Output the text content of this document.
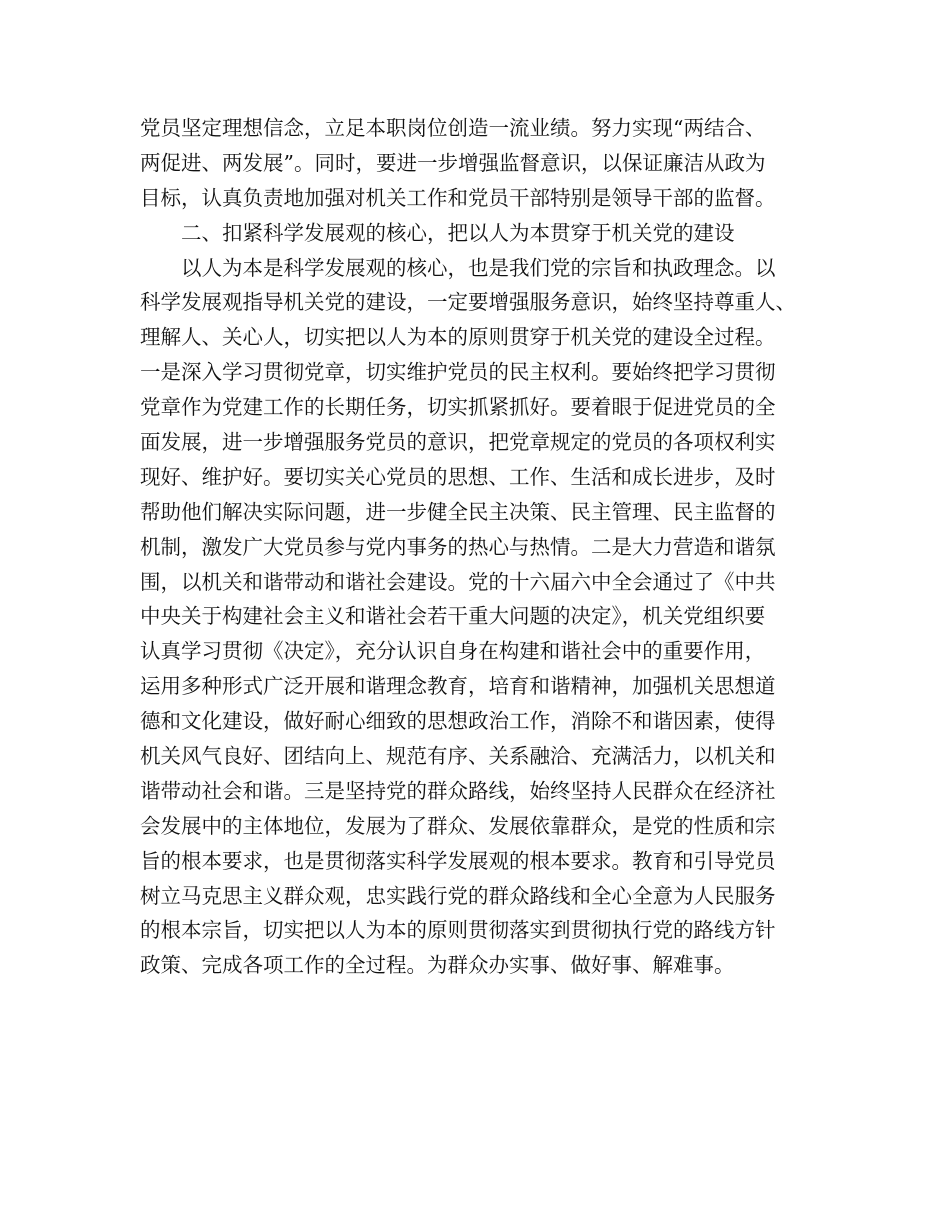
党员坚定理想信念，立足本职岗位创造一流业绩。努力实现“两结合、
两促进、两发展”。同时，要进一步增强监督意识，以保证廉洁从政为
目标，认真负责地加强对机关工作和党员干部特别是领导干部的监督。
二、扣紧科学发展观的核心，把以人为本贯穿于机关党的建设
以人为本是科学发展观的核心，也是我们党的宗旨和执政理念。以
科学发展观指导机关党的建设，一定要增强服务意识，始终坚持尊重人、
理解人、关心人，切实把以人为本的原则贯穿于机关党的建设全过程。
一是深入学习贯彻党章，切实维护党员的民主权利。要始终把学习贯彻
党章作为党建工作的长期任务，切实抓紧抓好。要着眼于促进党员的全
面发展，进一步增强服务党员的意识，把党章规定的党员的各项权利实
现好、维护好。要切实关心党员的思想、工作、生活和成长进步，及时
帮助他们解决实际问题，进一步健全民主决策、民主管理、民主监督的
机制，激发广大党员参与党内事务的热心与热情。二是大力营造和谐氛
围，以机关和谐带动和谐社会建设。党的十六届六中全会通过了《中共
中央关于构建社会主义和谐社会若干重大问题的决定》，机关党组织要
认真学习贯彻《决定》，充分认识自身在构建和谐社会中的重要作用，
运用多种形式广泛开展和谐理念教育，培育和谐精神，加强机关思想道
德和文化建设，做好耐心细致的思想政治工作，消除不和谐因素，使得
机关风气良好、团结向上、规范有序、关系融洽、充满活力，以机关和
谐带动社会和谐。三是坚持党的群众路线，始终坚持人民群众在经济社
会发展中的主体地位，发展为了群众、发展依靠群众，是党的性质和宗
旨的根本要求，也是贯彻落实科学发展观的根本要求。教育和引导党员
树立马克思主义群众观，忠实践行党的群众路线和全心全意为人民服务
的根本宗旨，切实把以人为本的原则贯彻落实到贯彻执行党的路线方针
政策、完成各项工作的全过程。为群众办实事、做好事、解难事。
